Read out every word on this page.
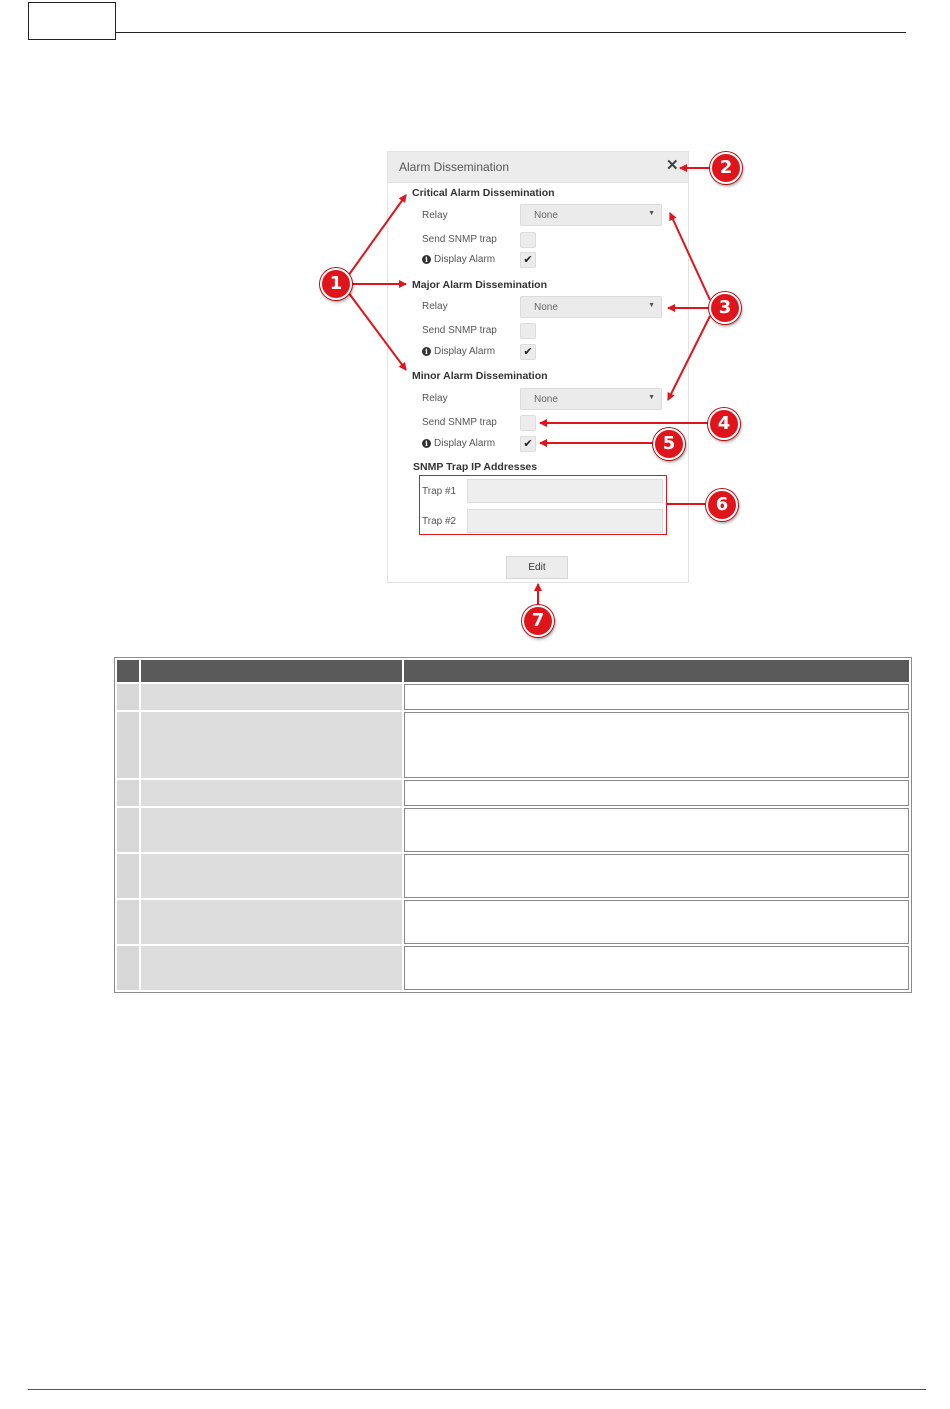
Alarm Dissemination	✕
Critical Alarm Dissemination
Relay	None	▼
Send SNMP trap
i Display Alarm	✔
Major Alarm Dissemination
Relay	None	▼
Send SNMP trap
i Display Alarm	✔
Minor Alarm Dissemination
Relay	None	▼
Send SNMP trap
i Display Alarm	✔
SNMP Trap IP Addresses
Trap #1
Trap #2
Edit
1
2
3
4
5
6
7
